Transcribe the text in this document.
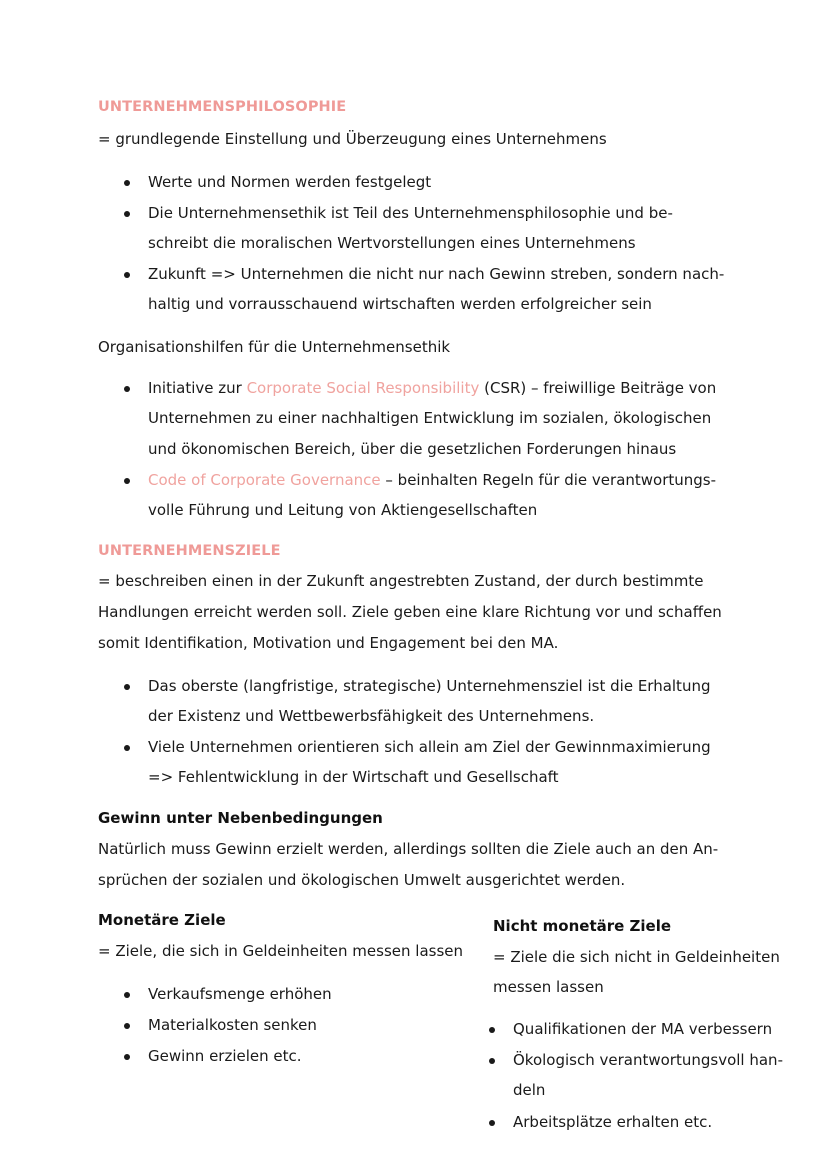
UNTERNEHMENSPHILOSOPHIE
= grundlegende Einstellung und Überzeugung eines Unternehmens
Werte und Normen werden festgelegt
Die Unternehmensethik ist Teil des Unternehmensphilosophie und be-
schreibt die moralischen Wertvorstellungen eines Unternehmens
Zukunft => Unternehmen die nicht nur nach Gewinn streben, sondern nach-
haltig und vorrausschauend wirtschaften werden erfolgreicher sein
Organisationshilfen für die Unternehmensethik
Initiative zur Corporate Social Responsibility (CSR) – freiwillige Beiträge von
Unternehmen zu einer nachhaltigen Entwicklung im sozialen, ökologischen
und ökonomischen Bereich, über die gesetzlichen Forderungen hinaus
Code of Corporate Governance – beinhalten Regeln für die verantwortungs-
volle Führung und Leitung von Aktiengesellschaften
UNTERNEHMENSZIELE
= beschreiben einen in der Zukunft angestrebten Zustand, der durch bestimmte
Handlungen erreicht werden soll. Ziele geben eine klare Richtung vor und schaffen
somit Identifikation, Motivation und Engagement bei den MA.
Das oberste (langfristige, strategische) Unternehmensziel ist die Erhaltung
der Existenz und Wettbewerbsfähigkeit des Unternehmens.
Viele Unternehmen orientieren sich allein am Ziel der Gewinnmaximierung
=> Fehlentwicklung in der Wirtschaft und Gesellschaft
Gewinn unter Nebenbedingungen
Natürlich muss Gewinn erzielt werden, allerdings sollten die Ziele auch an den An-
sprüchen der sozialen und ökologischen Umwelt ausgerichtet werden.
Monetäre Ziele
= Ziele, die sich in Geldeinheiten messen lassen
Verkaufsmenge erhöhen
Materialkosten senken
Gewinn erzielen etc.
Nicht monetäre Ziele
= Ziele die sich nicht in Geldeinheiten
messen lassen
Qualifikationen der MA verbessern
Ökologisch verantwortungsvoll han-
deln
Arbeitsplätze erhalten etc.
